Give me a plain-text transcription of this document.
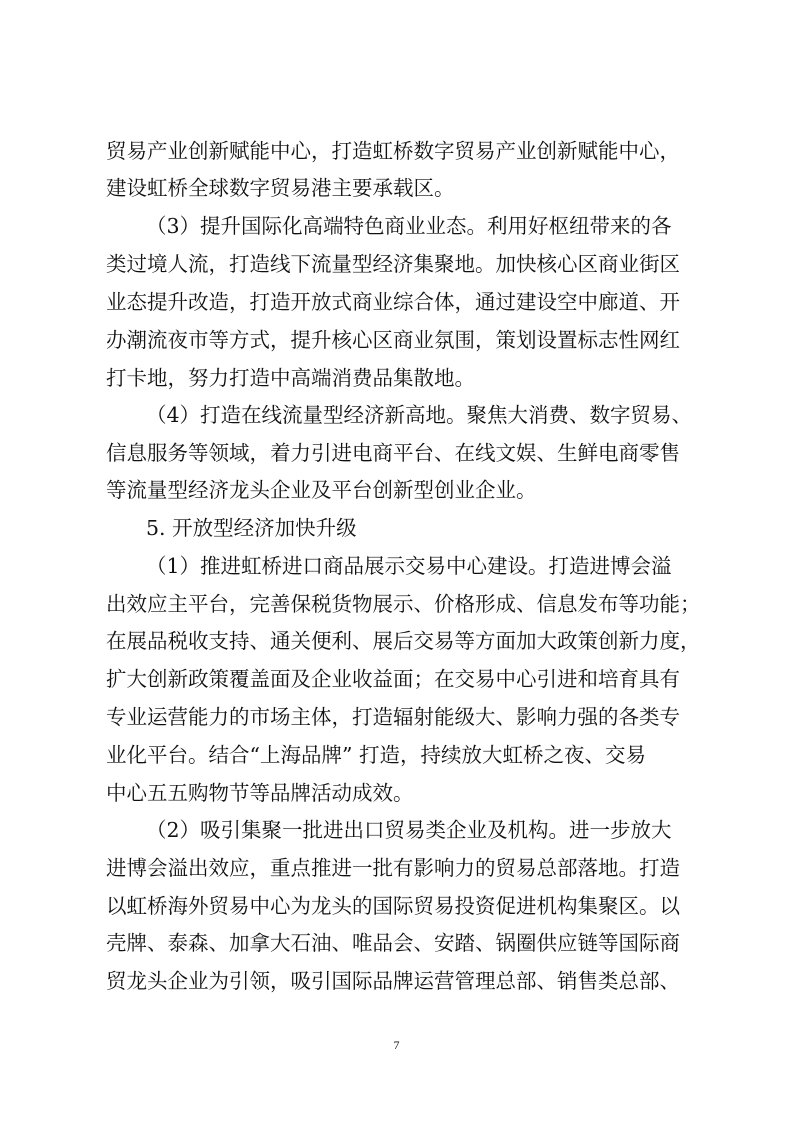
贸易产业创新赋能中心，打造虹桥数字贸易产业创新赋能中心，
建设虹桥全球数字贸易港主要承载区。
（3）提升国际化高端特色商业业态。利用好枢纽带来的各
类过境人流，打造线下流量型经济集聚地。加快核心区商业街区
业态提升改造，打造开放式商业综合体，通过建设空中廊道、开
办潮流夜市等方式，提升核心区商业氛围，策划设置标志性网红
打卡地，努力打造中高端消费品集散地。
（4）打造在线流量型经济新高地。聚焦大消费、数字贸易、
信息服务等领域，着力引进电商平台、在线文娱、生鲜电商零售
等流量型经济龙头企业及平台创新型创业企业。
5. 开放型经济加快升级
（1）推进虹桥进口商品展示交易中心建设。打造进博会溢
出效应主平台，完善保税货物展示、价格形成、信息发布等功能；
在展品税收支持、通关便利、展后交易等方面加大政策创新力度，
扩大创新政策覆盖面及企业收益面；在交易中心引进和培育具有
专业运营能力的市场主体，打造辐射能级大、影响力强的各类专
业化平台。结合“上海品牌” 打造，持续放大虹桥之夜、交易
中心五五购物节等品牌活动成效。
（2）吸引集聚一批进出口贸易类企业及机构。进一步放大
进博会溢出效应，重点推进一批有影响力的贸易总部落地。打造
以虹桥海外贸易中心为龙头的国际贸易投资促进机构集聚区。以
壳牌、泰森、加拿大石油、唯品会、安踏、锅圈供应链等国际商
贸龙头企业为引领，吸引国际品牌运营管理总部、销售类总部、
7
